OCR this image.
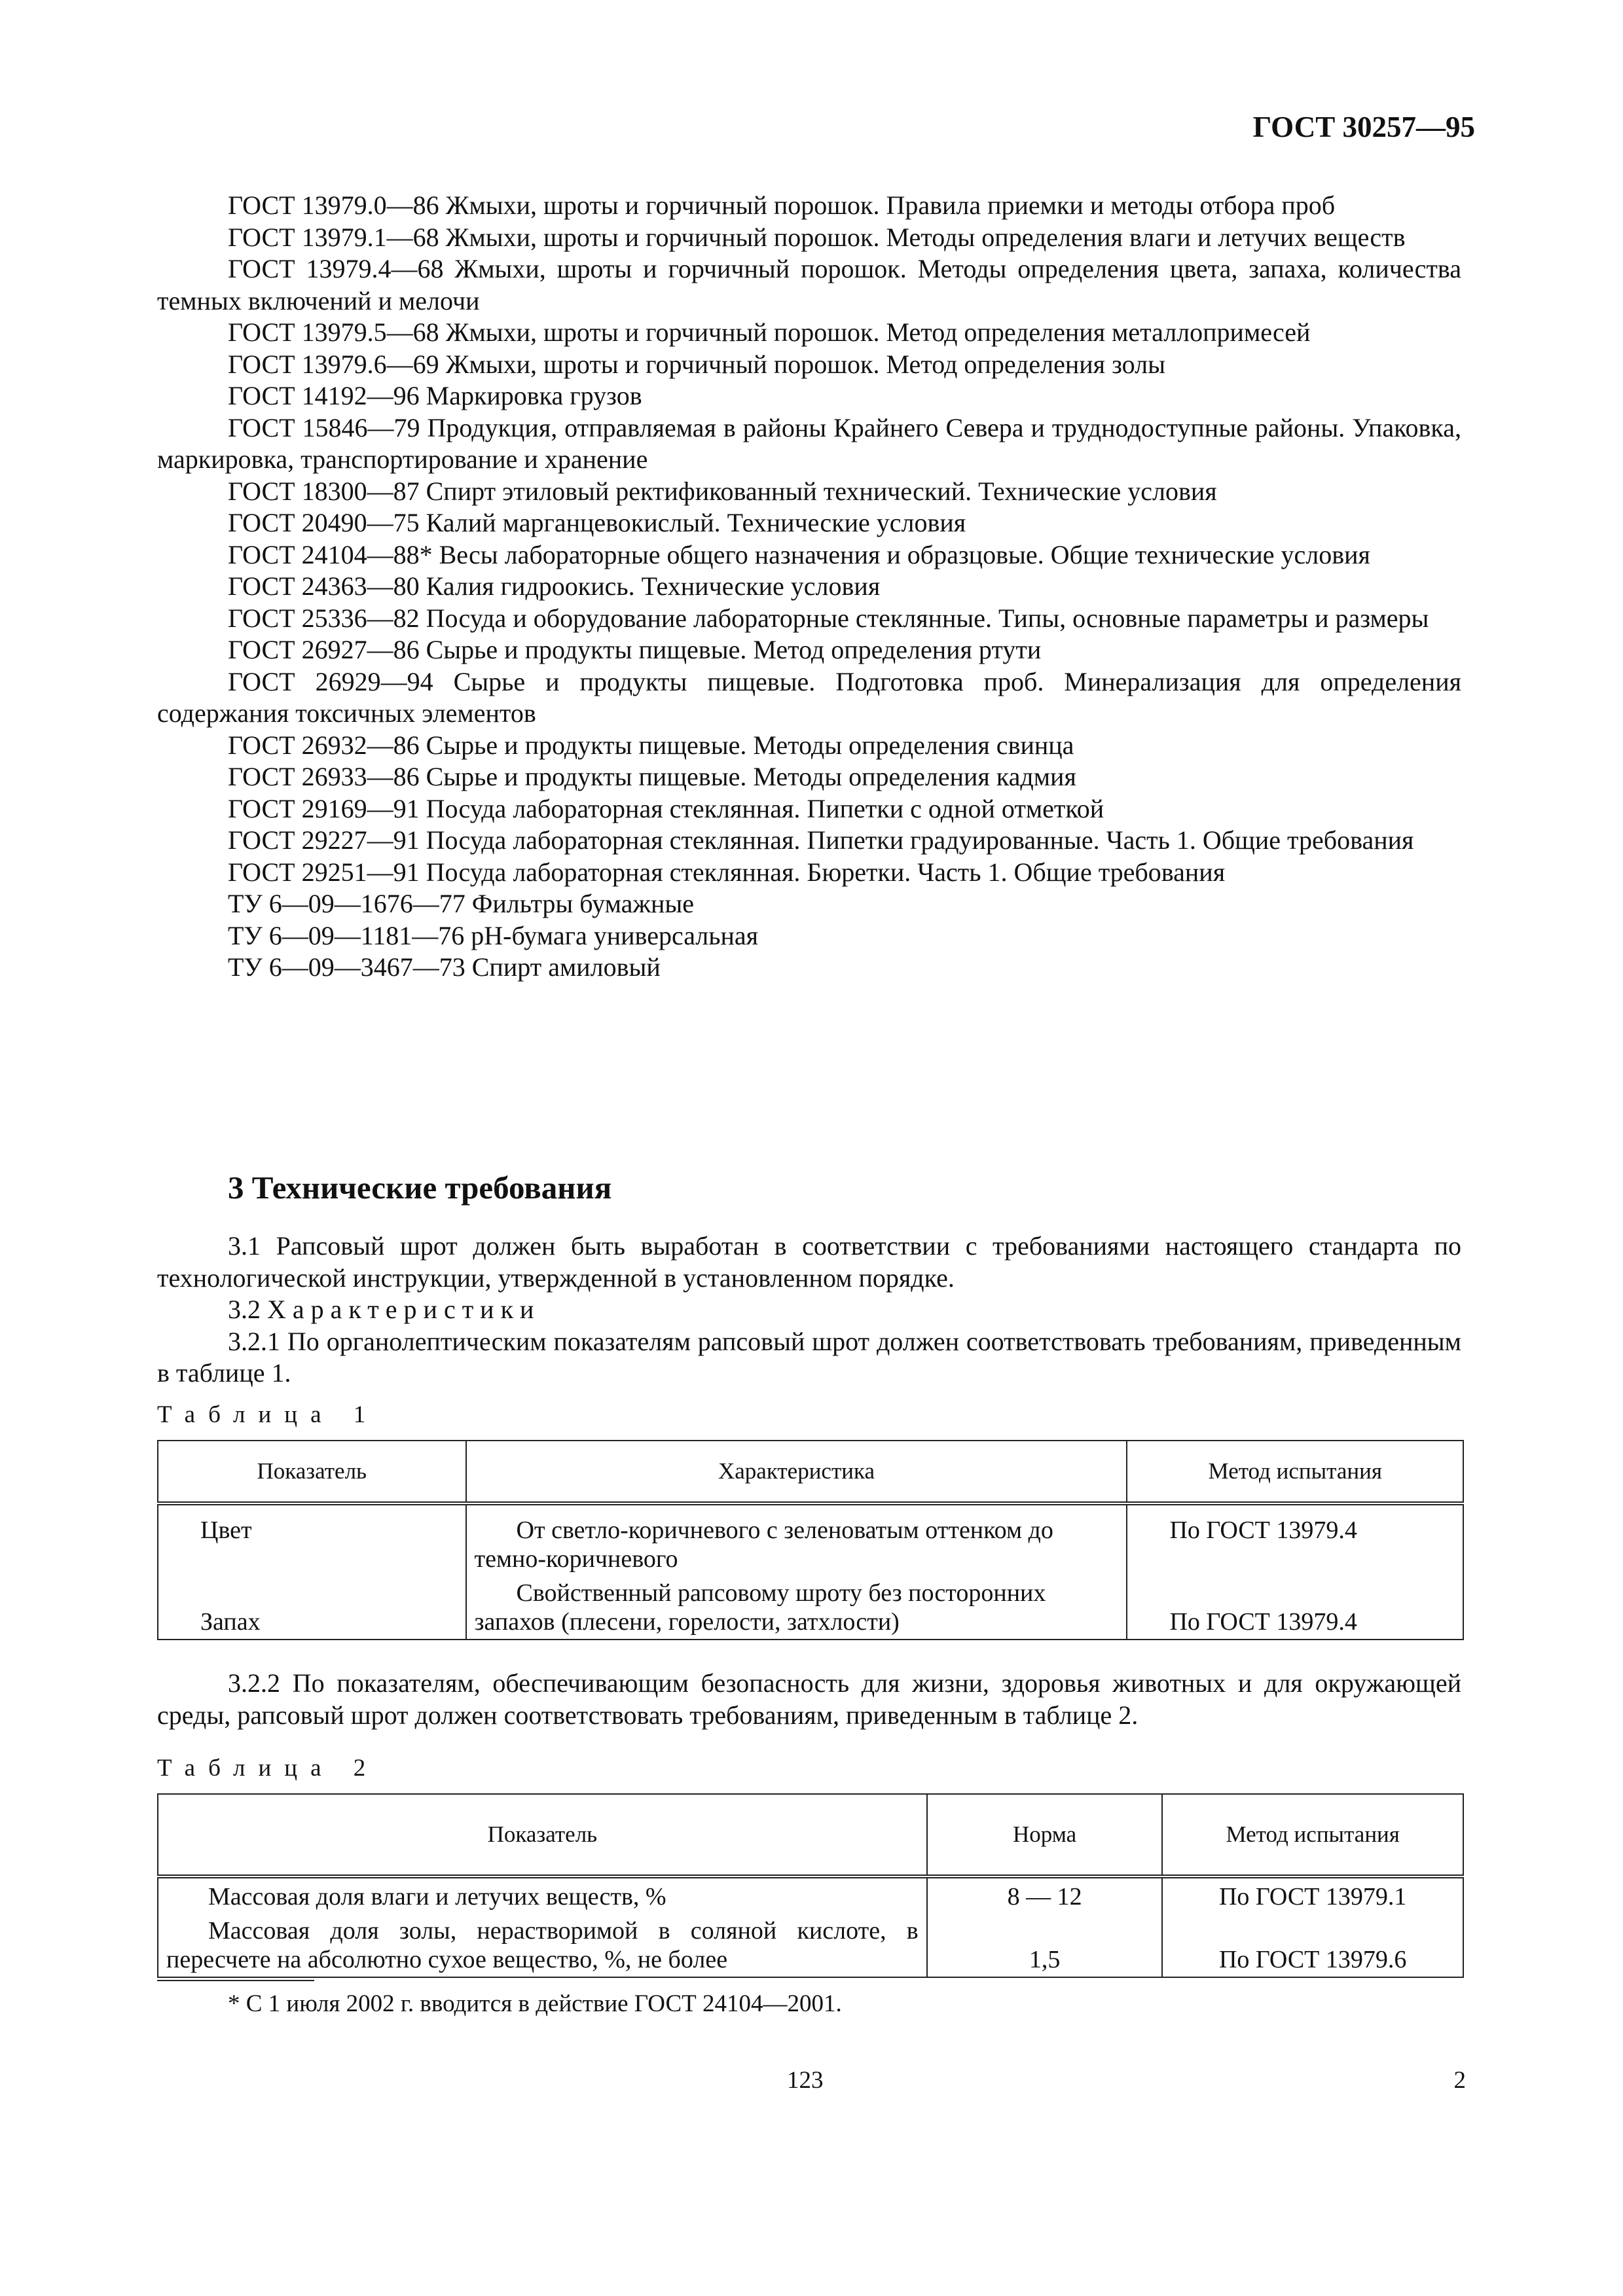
ГОСТ 30257—95
ГОСТ 13979.0—86 Жмыхи, шроты и горчичный порошок. Правила приемки и методы отбора проб
ГОСТ 13979.1—68 Жмыхи, шроты и горчичный порошок. Методы определения влаги и летучих веществ
ГОСТ 13979.4—68 Жмыхи, шроты и горчичный порошок. Методы определения цвета, запаха, количества темных включений и мелочи
ГОСТ 13979.5—68 Жмыхи, шроты и горчичный порошок. Метод определения металлопримесей
ГОСТ 13979.6—69 Жмыхи, шроты и горчичный порошок. Метод определения золы
ГОСТ 14192—96 Маркировка грузов
ГОСТ 15846—79 Продукция, отправляемая в районы Крайнего Севера и труднодоступные районы. Упаковка, маркировка, транспортирование и хранение
ГОСТ 18300—87 Спирт этиловый ректификованный технический. Технические условия
ГОСТ 20490—75 Калий марганцевокислый. Технические условия
ГОСТ 24104—88* Весы лабораторные общего назначения и образцовые. Общие технические условия
ГОСТ 24363—80 Калия гидроокись. Технические условия
ГОСТ 25336—82 Посуда и оборудование лабораторные стеклянные. Типы, основные параметры и размеры
ГОСТ 26927—86 Сырье и продукты пищевые. Метод определения ртути
ГОСТ 26929—94 Сырье и продукты пищевые. Подготовка проб. Минерализация для определения содержания токсичных элементов
ГОСТ 26932—86 Сырье и продукты пищевые. Методы определения свинца
ГОСТ 26933—86 Сырье и продукты пищевые. Методы определения кадмия
ГОСТ 29169—91 Посуда лабораторная стеклянная. Пипетки с одной отметкой
ГОСТ 29227—91 Посуда лабораторная стеклянная. Пипетки градуированные. Часть 1. Общие требования
ГОСТ 29251—91 Посуда лабораторная стеклянная. Бюретки. Часть 1. Общие требования
ТУ 6—09—1676—77 Фильтры бумажные
ТУ 6—09—1181—76 pH-бумага универсальная
ТУ 6—09—3467—73 Спирт амиловый
3 Технические требования
3.1 Рапсовый шрот должен быть выработан в соответствии с требованиями настоящего стандарта по технологической инструкции, утвержденной в установленном порядке.
3.2 Характеристики
3.2.1 По органолептическим показателям рапсовый шрот должен соответствовать требованиям, приведенным в таблице 1.
Таблица 1
Показатель	Характеристика	Метод испытания
Цвет	От светло-коричневого с зеленоватым оттенком до темно-коричневого	По ГОСТ 13979.4
Запах	Свойственный рапсовому шроту без посторонних запахов (плесени, горелости, затхлости)	По ГОСТ 13979.4
3.2.2 По показателям, обеспечивающим безопасность для жизни, здоровья животных и для окружающей среды, рапсовый шрот должен соответствовать требованиям, приведенным в таблице 2.
Таблица 2
Показатель	Норма	Метод испытания
Массовая доля влаги и летучих веществ, %	8 — 12	По ГОСТ 13979.1
Массовая доля золы, нерастворимой в соляной кислоте, в пересчете на абсолютно сухое вещество, %, не более	1,5	По ГОСТ 13979.6
* С 1 июля 2002 г. вводится в действие ГОСТ 24104—2001.
123	2
